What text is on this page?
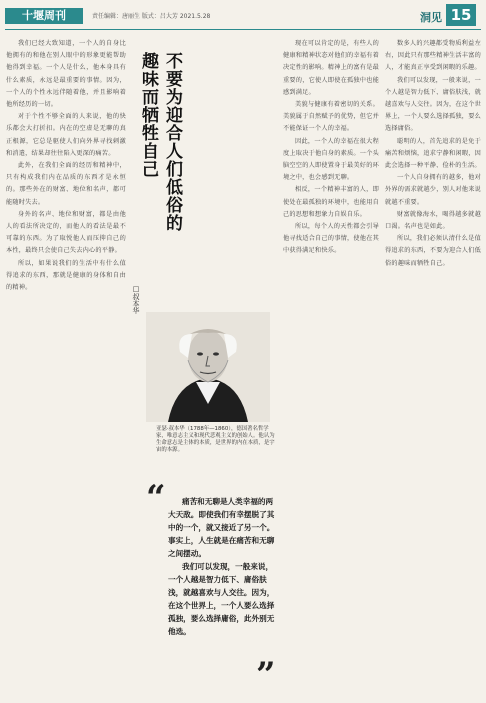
十堰周刊	责任编辑：唐丽生 版式：吕大芳 2021.5.28	洞见 15

我们已经大致知道，一个人的自身比他拥有的和他在别人眼中的形象更能帮助他得到幸福。一个人是什么，他本身具有什么素质，永远是最重要的事情。因为，一个人的个性永远伴随着他，并且影响着他所经历的一切。

对于个性不够全面的人来说，他的快乐都会大打折扣。内在的空虚是无聊的真正根源，它总是驱使人们向外界寻找刺激和消遣，结果却往往陷入更深的痛苦。

此外，在我们全面的经历和精神中，只有构成我们内在品质的东西才是永恒的。那些外在的财富、地位和名声，都可能随时失去。

身外的名声、地位和财富，都是由他人的看法所决定的，而他人的看法是最不可靠的东西。为了取悦他人而压抑自己的本性，最终只会使自己失去内心的平静。

所以，如果说我们的生活中有什么值得追求的东西，那就是健康的身体和自由的精神。

不要为迎合人们低俗的
趣味而牺牲自己
□叔本华
亚瑟·叔本华（1788年—1860），德国著名哲学家，唯意志主义和现代悲观主义的创始人。他认为生命意志是主体的本质，是世界的内在本质，是宇宙的本源。
“	痛苦和无聊是人类幸福的两大天敌。即使我们有幸摆脱了其中的一个，就又接近了另一个。事实上，人生就是在痛苦和无聊之间摆动。

我们可以发现，一般来说，一个人越是智力低下、庸俗肤浅，就越喜欢与人交往。因为，在这个世界上，一个人要么选择孤独，要么选择庸俗，此外别无他选。

”

现在可以肯定的是，有些人的健康和精神状态对他们的幸福有着决定性的影响。精神上的富有是最重要的，它使人即使在孤独中也能感到满足。

美貌与健康有着密切的关系。美貌属于自然赋予的优势，但它并不能保证一个人的幸福。

因此，一个人的幸福在很大程度上取决于他自身的素质。一个头脑空空的人即使置身于最美好的环境之中，也会感到无聊。

相反，一个精神丰富的人，即使处在最孤独的环境中，也能用自己的思想和想象力自娱自乐。

所以，每个人的天性都会引导他寻找适合自己的事情，使他在其中获得满足和快乐。

数多人的兴趣都受物质利益左右，因此只有那些精神生活丰富的人，才能真正享受到闲暇的乐趣。

我们可以发现，一般来说，一个人越是智力低下、庸俗肤浅，就越喜欢与人交往。因为，在这个世界上，一个人要么选择孤独，要么选择庸俗。

聪明的人，首先追求的是免于痛苦和烦恼，追求宁静和闲暇，因此会选择一种平静、俭朴的生活。

一个人自身拥有的越多，他对外界的需求就越少，别人对他来说就越不重要。

财富就像海水，喝得越多就越口渴。名声也是如此。

所以，我们必须认清什么是值得追求的东西，不要为迎合人们低俗的趣味而牺牲自己。
